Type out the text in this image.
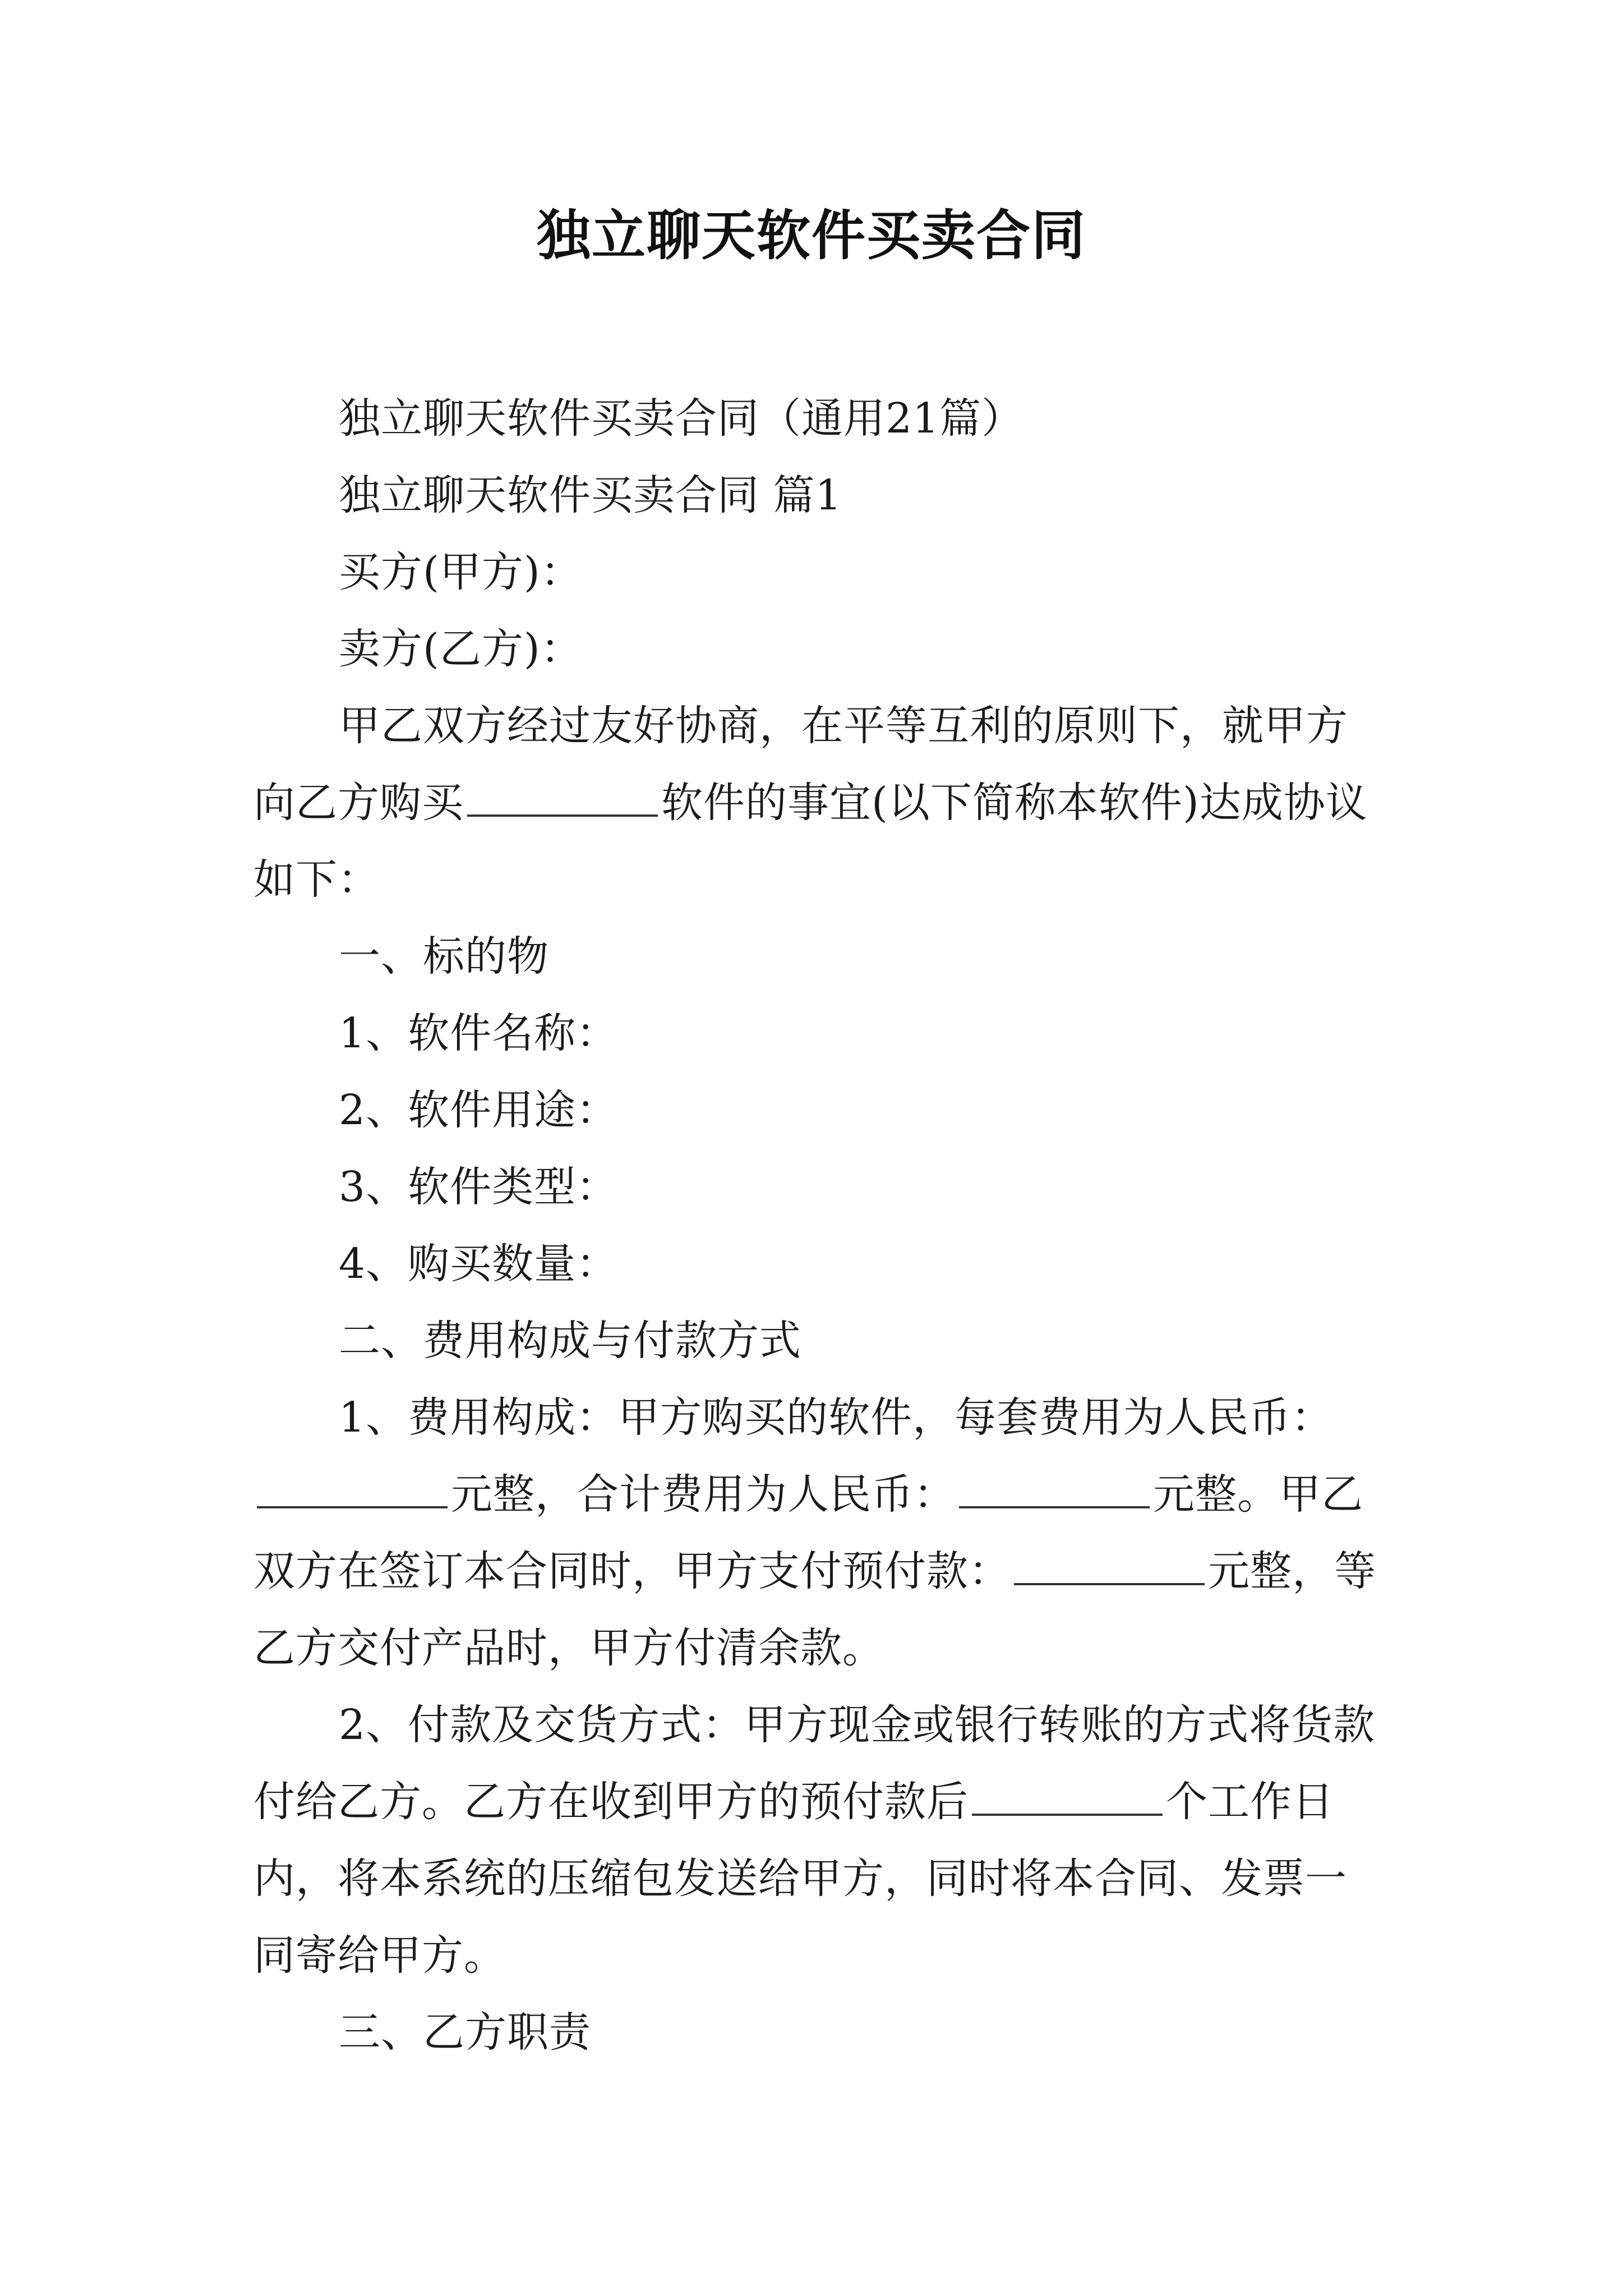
独立聊天软件买卖合同

独立聊天软件买卖合同（通用21篇）

独立聊天软件买卖合同 篇1

买方(甲方)：

卖方(乙方)：

甲乙双方经过友好协商，在平等互利的原则下，就甲方向乙方购买	软件的事宜(以下简称本软件)达成协议如下：

一、标的物

1、软件名称：

2、软件用途：

3、软件类型：

4、购买数量：

二、费用构成与付款方式

1、费用构成：甲方购买的软件，每套费用为人民币：元整，合计费用为人民币：	元整。甲乙双方在签订本合同时，甲方支付预付款：	元整，等乙方交付产品时，甲方付清余款。

2、付款及交货方式：甲方现金或银行转账的方式将货款付给乙方。乙方在收到甲方的预付款后	个工作日内，将本系统的压缩包发送给甲方，同时将本合同、发票一同寄给甲方。

三、乙方职责
